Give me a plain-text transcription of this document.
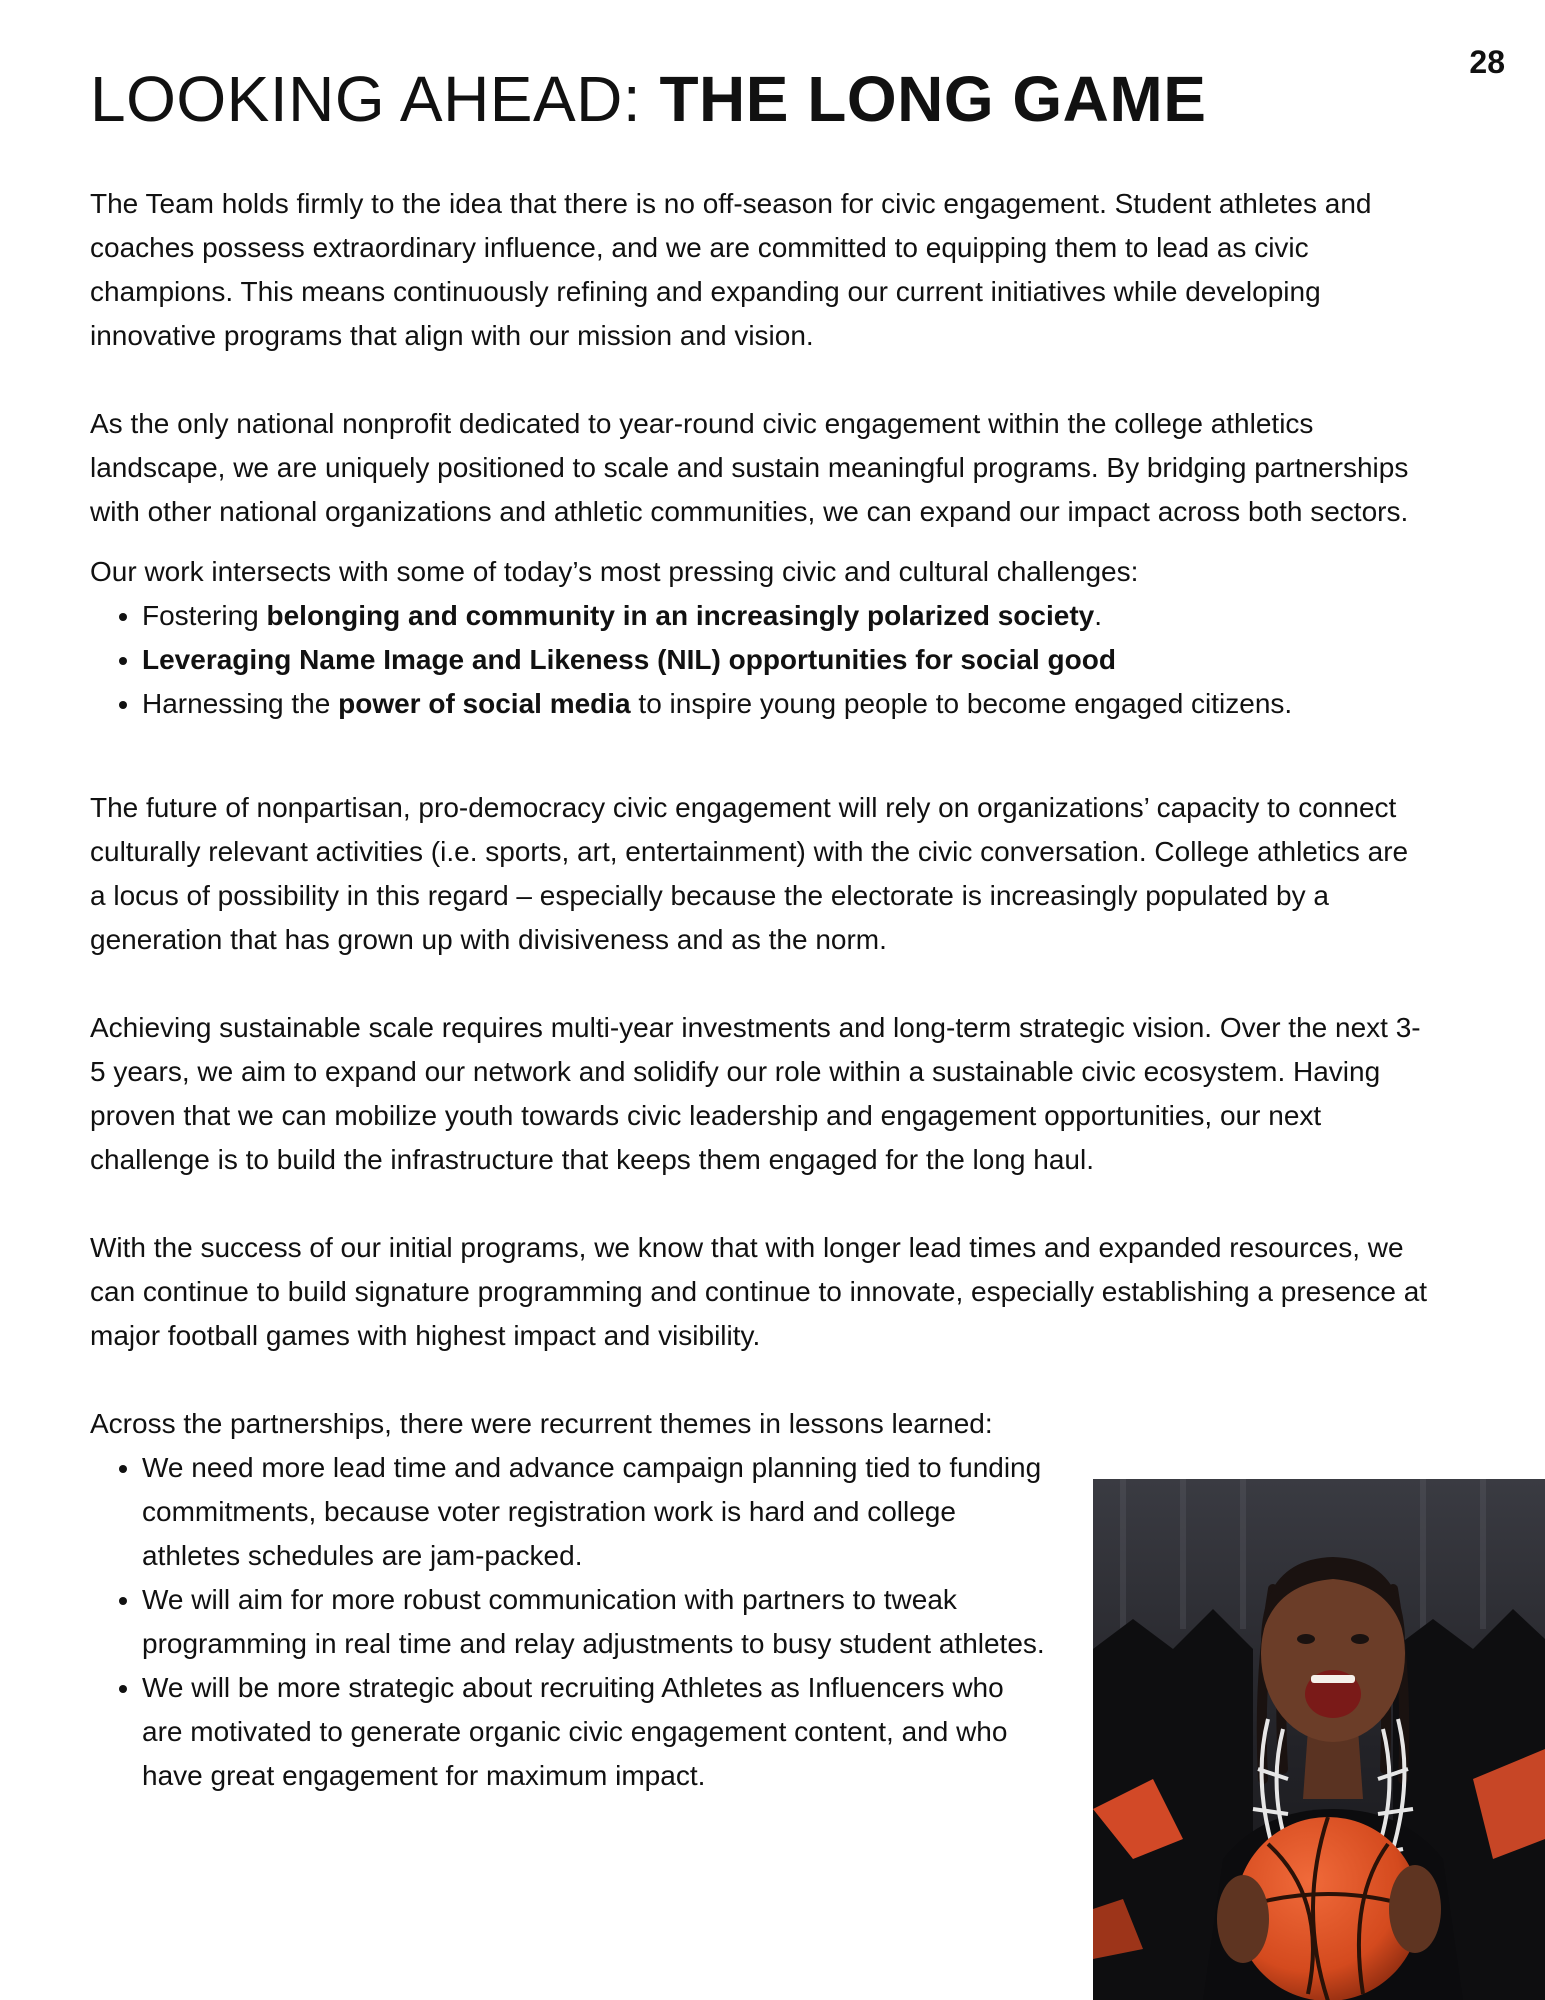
28
LOOKING AHEAD: THE LONG GAME

The Team holds firmly to the idea that there is no off-season for civic engagement. Student athletes and coaches possess extraordinary influence, and we are committed to equipping them to lead as civic champions. This means continuously refining and expanding our current initiatives while developing innovative programs that align with our mission and vision.

As the only national nonprofit dedicated to year-round civic engagement within the college athletics landscape, we are uniquely positioned to scale and sustain meaningful programs. By bridging partnerships with other national organizations and athletic communities, we can expand our impact across both sectors.

Our work intersects with some of today’s most pressing civic and cultural challenges:

• Fostering belonging and community in an increasingly polarized society.
• Leveraging Name Image and Likeness (NIL) opportunities for social good
• Harnessing the power of social media to inspire young people to become engaged citizens.

The future of nonpartisan, pro-democracy civic engagement will rely on organizations’ capacity to connect culturally relevant activities (i.e. sports, art, entertainment) with the civic conversation. College athletics are a locus of possibility in this regard – especially because the electorate is increasingly populated by a generation that has grown up with divisiveness and as the norm.

Achieving sustainable scale requires multi-year investments and long-term strategic vision. Over the next 3-5 years, we aim to expand our network and solidify our role within a sustainable civic ecosystem. Having proven that we can mobilize youth towards civic leadership and engagement opportunities, our next challenge is to build the infrastructure that keeps them engaged for the long haul.

With the success of our initial programs, we know that with longer lead times and expanded resources, we can continue to build signature programming and continue to innovate, especially establishing a presence at major football games with highest impact and visibility.

Across the partnerships, there were recurrent themes in lessons learned:

• We need more lead time and advance campaign planning tied to funding commitments, because voter registration work is hard and college athletes schedules are jam-packed.
• We will aim for more robust communication with partners to tweak programming in real time and relay adjustments to busy student athletes.
• We will be more strategic about recruiting Athletes as Influencers who are motivated to generate organic civic engagement content, and who have great engagement for maximum impact.
